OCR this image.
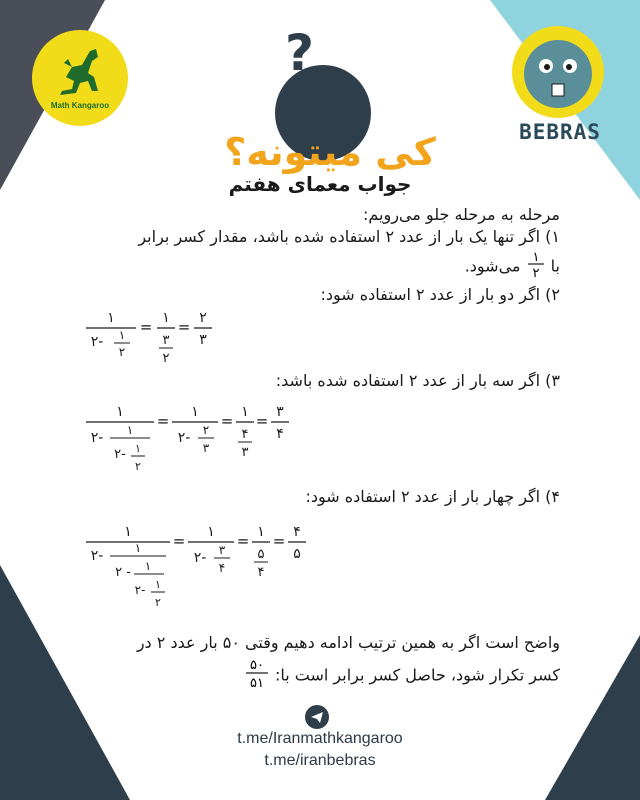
Math Kangaroo
?
کی میتونه؟	BEBRAS
جواب معمای هفتم
مرحله به مرحله جلو می‌رویم:
۱) اگر تنها یک بار از عدد ۲ استفاده شده باشد، مقدار کسر برابر
با
۱
۲
می‌شود.
۲) اگر دو بار از عدد ۲ استفاده شود:
۱
۲- ۱
۲
= ۱
۳
۲
= ۲
۳
۳) اگر سه بار از عدد ۲ استفاده شده باشد:
۱
۲- ۱
۲- ۱
۲
= ۱
۲- ۲
۳
= ۱
۴
۳
= ۳
۴
۴) اگر چهار بار از عدد ۲ استفاده شود:
۱
۲-	۱
۲ - ۱
۲- ۱
۲
= ۱
۲- ۳
۴
= ۱
۵
۴
= ۴
۵
واضح است اگر به همین ترتیب ادامه دهیم وقتی ۵۰ بار عدد ۲ در
کسر تکرار شود، حاصل کسر برابر است با:
۵۰
۵۱
t.me/Iranmathkangaroo
t.me/iranbebras
